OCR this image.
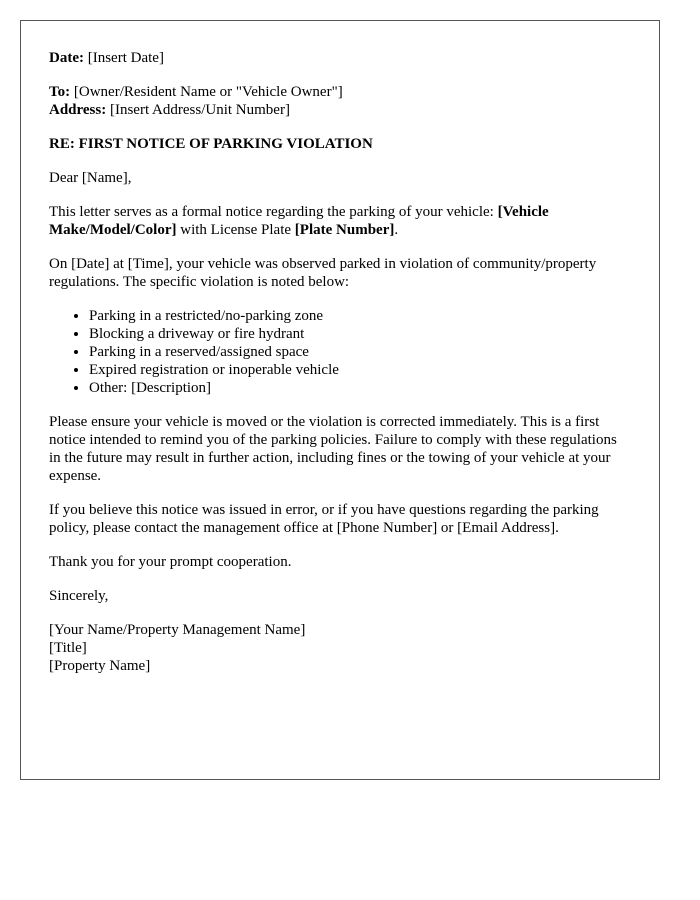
Date: [Insert Date]

To: [Owner/Resident Name or "Vehicle Owner"]

Address: [Insert Address/Unit Number]

RE: FIRST NOTICE OF PARKING VIOLATION

Dear [Name],

This letter serves as a formal notice regarding the parking of your vehicle: [Vehicle Make/Model/Color] with License Plate [Plate Number].

On [Date] at [Time], your vehicle was observed parked in violation of community/property regulations. The specific violation is noted below:

• Parking in a restricted/no-parking zone
• Blocking a driveway or fire hydrant
• Parking in a reserved/assigned space
• Expired registration or inoperable vehicle
• Other: [Description]

Please ensure your vehicle is moved or the violation is corrected immediately. This is a first notice intended to remind you of the parking policies. Failure to comply with these regulations in the future may result in further action, including fines or the towing of your vehicle at your expense.

If you believe this notice was issued in error, or if you have questions regarding the parking policy, please contact the management office at [Phone Number] or [Email Address].

Thank you for your prompt cooperation.

Sincerely,

[Your Name/Property Management Name]

[Title]

[Property Name]
